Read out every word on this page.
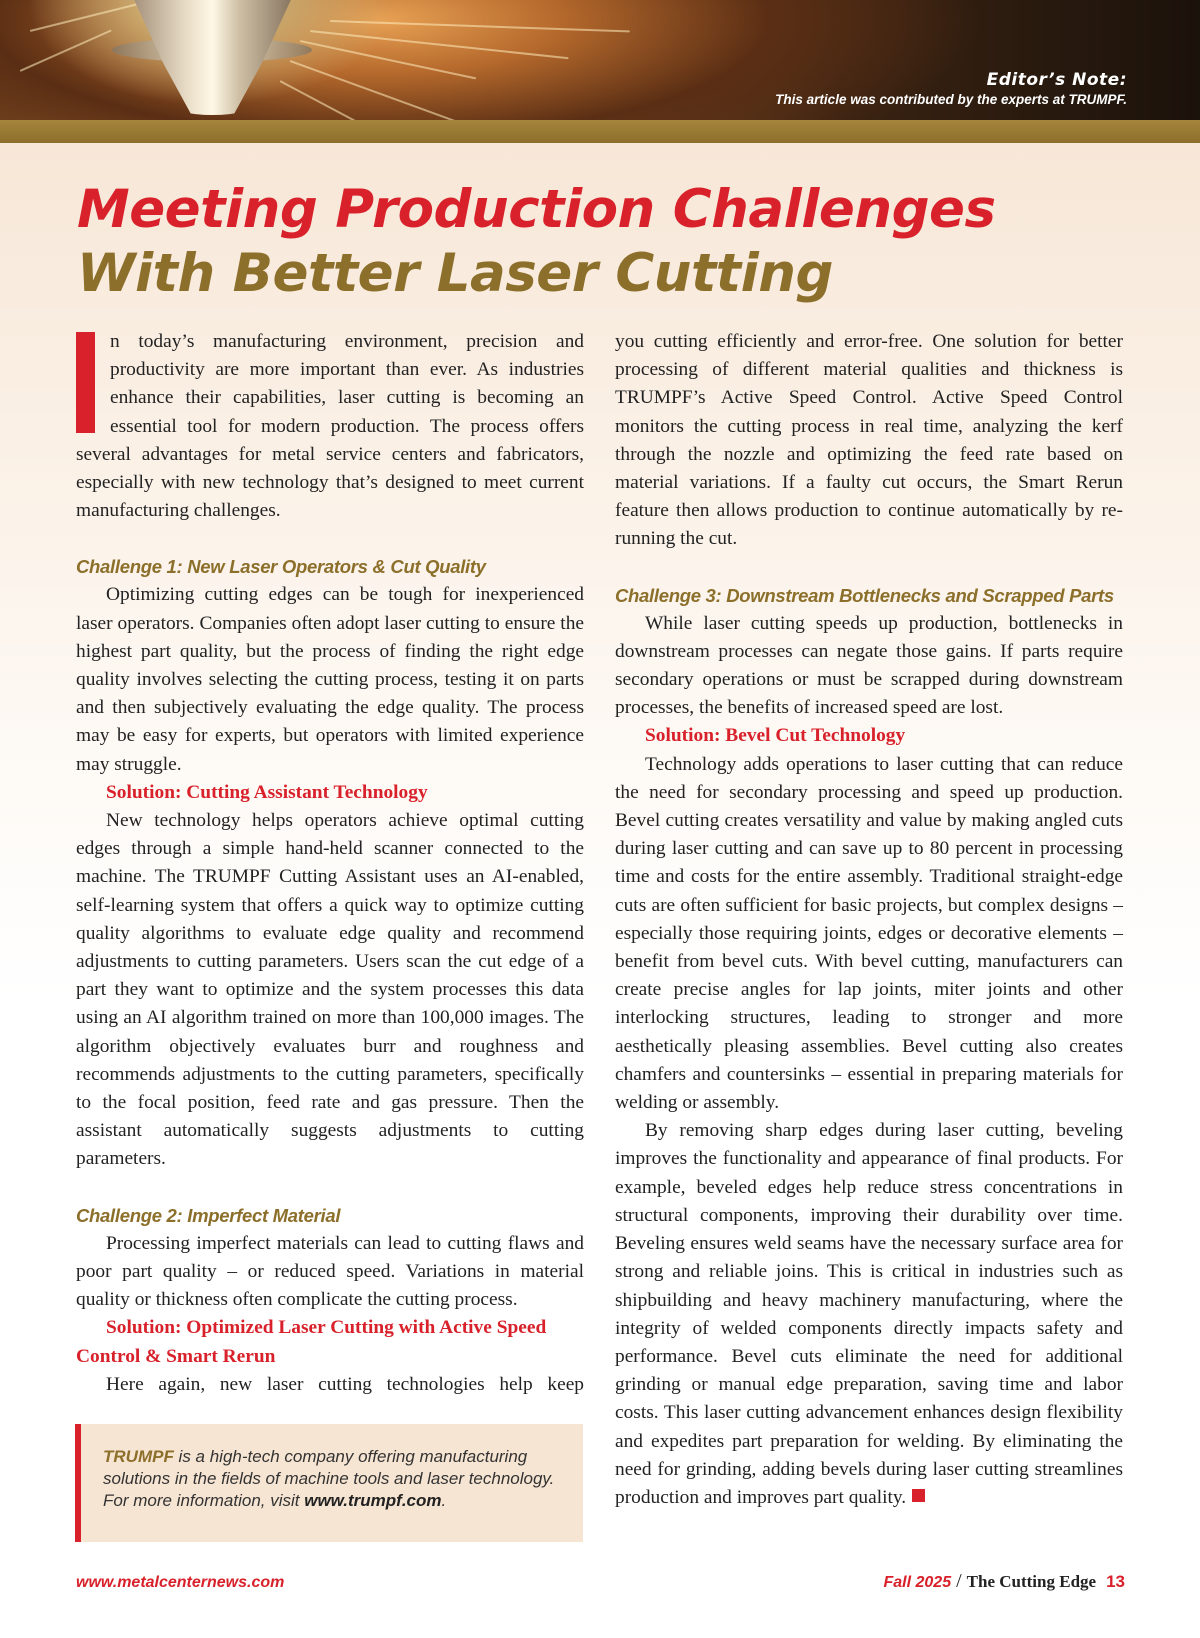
Editor’s Note:
This article was contributed by the experts at TRUMPF.
Meeting Production Challenges
With Better Laser Cutting

n today’s manufacturing environment, precision and productivity are more important than ever. As industries enhance their capabilities, laser cutting is becoming an essential tool for modern production. The process offers several advantages for metal service centers and fabricators, especially with new technology that’s designed to meet current manufacturing challenges.

Challenge 1: New Laser Operators & Cut Quality

Optimizing cutting edges can be tough for inexperienced laser operators. Companies often adopt laser cutting to ensure the highest part quality, but the process of finding the right edge quality involves selecting the cutting process, testing it on parts and then subjectively evaluating the edge quality. The process may be easy for experts, but operators with limited experience may struggle.

Solution: Cutting Assistant Technology

New technology helps operators achieve optimal cutting edges through a simple hand-held scanner connected to the machine. The TRUMPF Cutting Assistant uses an AI-enabled, self-learning system that offers a quick way to optimize cutting quality algorithms to evaluate edge quality and recommend adjustments to cutting parameters. Users scan the cut edge of a part they want to optimize and the system processes this data using an AI algorithm trained on more than 100,000 images. The algorithm objectively evaluates burr and roughness and recommends adjustments to the cutting parameters, specifically to the focal position, feed rate and gas pressure. Then the assistant automatically suggests adjustments to cutting parameters.

Challenge 2: Imperfect Material

Processing imperfect materials can lead to cutting flaws and poor part quality – or reduced speed. Variations in material quality or thickness often complicate the cutting process.

Solution: Optimized Laser Cutting with Active Speed Control & Smart Rerun

Here again, new laser cutting technologies help keep

TRUMPF is a high-tech company offering manufacturing solutions in the fields of machine tools and laser technology. For more information, visit www.trumpf.com.

you cutting efficiently and error-free. One solution for better processing of different material qualities and thickness is TRUMPF’s Active Speed Control. Active Speed Control monitors the cutting process in real time, analyzing the kerf through the nozzle and optimizing the feed rate based on material variations. If a faulty cut occurs, the Smart Rerun feature then allows production to continue automatically by re-running the cut.

Challenge 3: Downstream Bottlenecks and Scrapped Parts

While laser cutting speeds up production, bottlenecks in downstream processes can negate those gains. If parts require secondary operations or must be scrapped during downstream processes, the benefits of increased speed are lost.

Solution: Bevel Cut Technology

Technology adds operations to laser cutting that can reduce the need for secondary processing and speed up production. Bevel cutting creates versatility and value by making angled cuts during laser cutting and can save up to 80 percent in processing time and costs for the entire assembly. Traditional straight-edge cuts are often sufficient for basic projects, but complex designs – especially those requiring joints, edges or decorative elements – benefit from bevel cuts. With bevel cutting, manufacturers can create precise angles for lap joints, miter joints and other interlocking structures, leading to stronger and more aesthetically pleasing assemblies. Bevel cutting also creates chamfers and countersinks – essential in preparing materials for welding or assembly.

By removing sharp edges during laser cutting, beveling improves the functionality and appearance of final products. For example, beveled edges help reduce stress concentrations in structural components, improving their durability over time. Beveling ensures weld seams have the necessary surface area for strong and reliable joins. This is critical in industries such as shipbuilding and heavy machinery manufacturing, where the integrity of welded components directly impacts safety and performance. Bevel cuts eliminate the need for additional grinding or manual edge preparation, saving time and labor costs. This laser cutting advancement enhances design flexibility and expedites part preparation for welding. By eliminating the need for grinding, adding bevels during laser cutting streamlines production and improves part quality.

www.metalcenternews.com	Fall 2025 / The Cutting Edge 13
